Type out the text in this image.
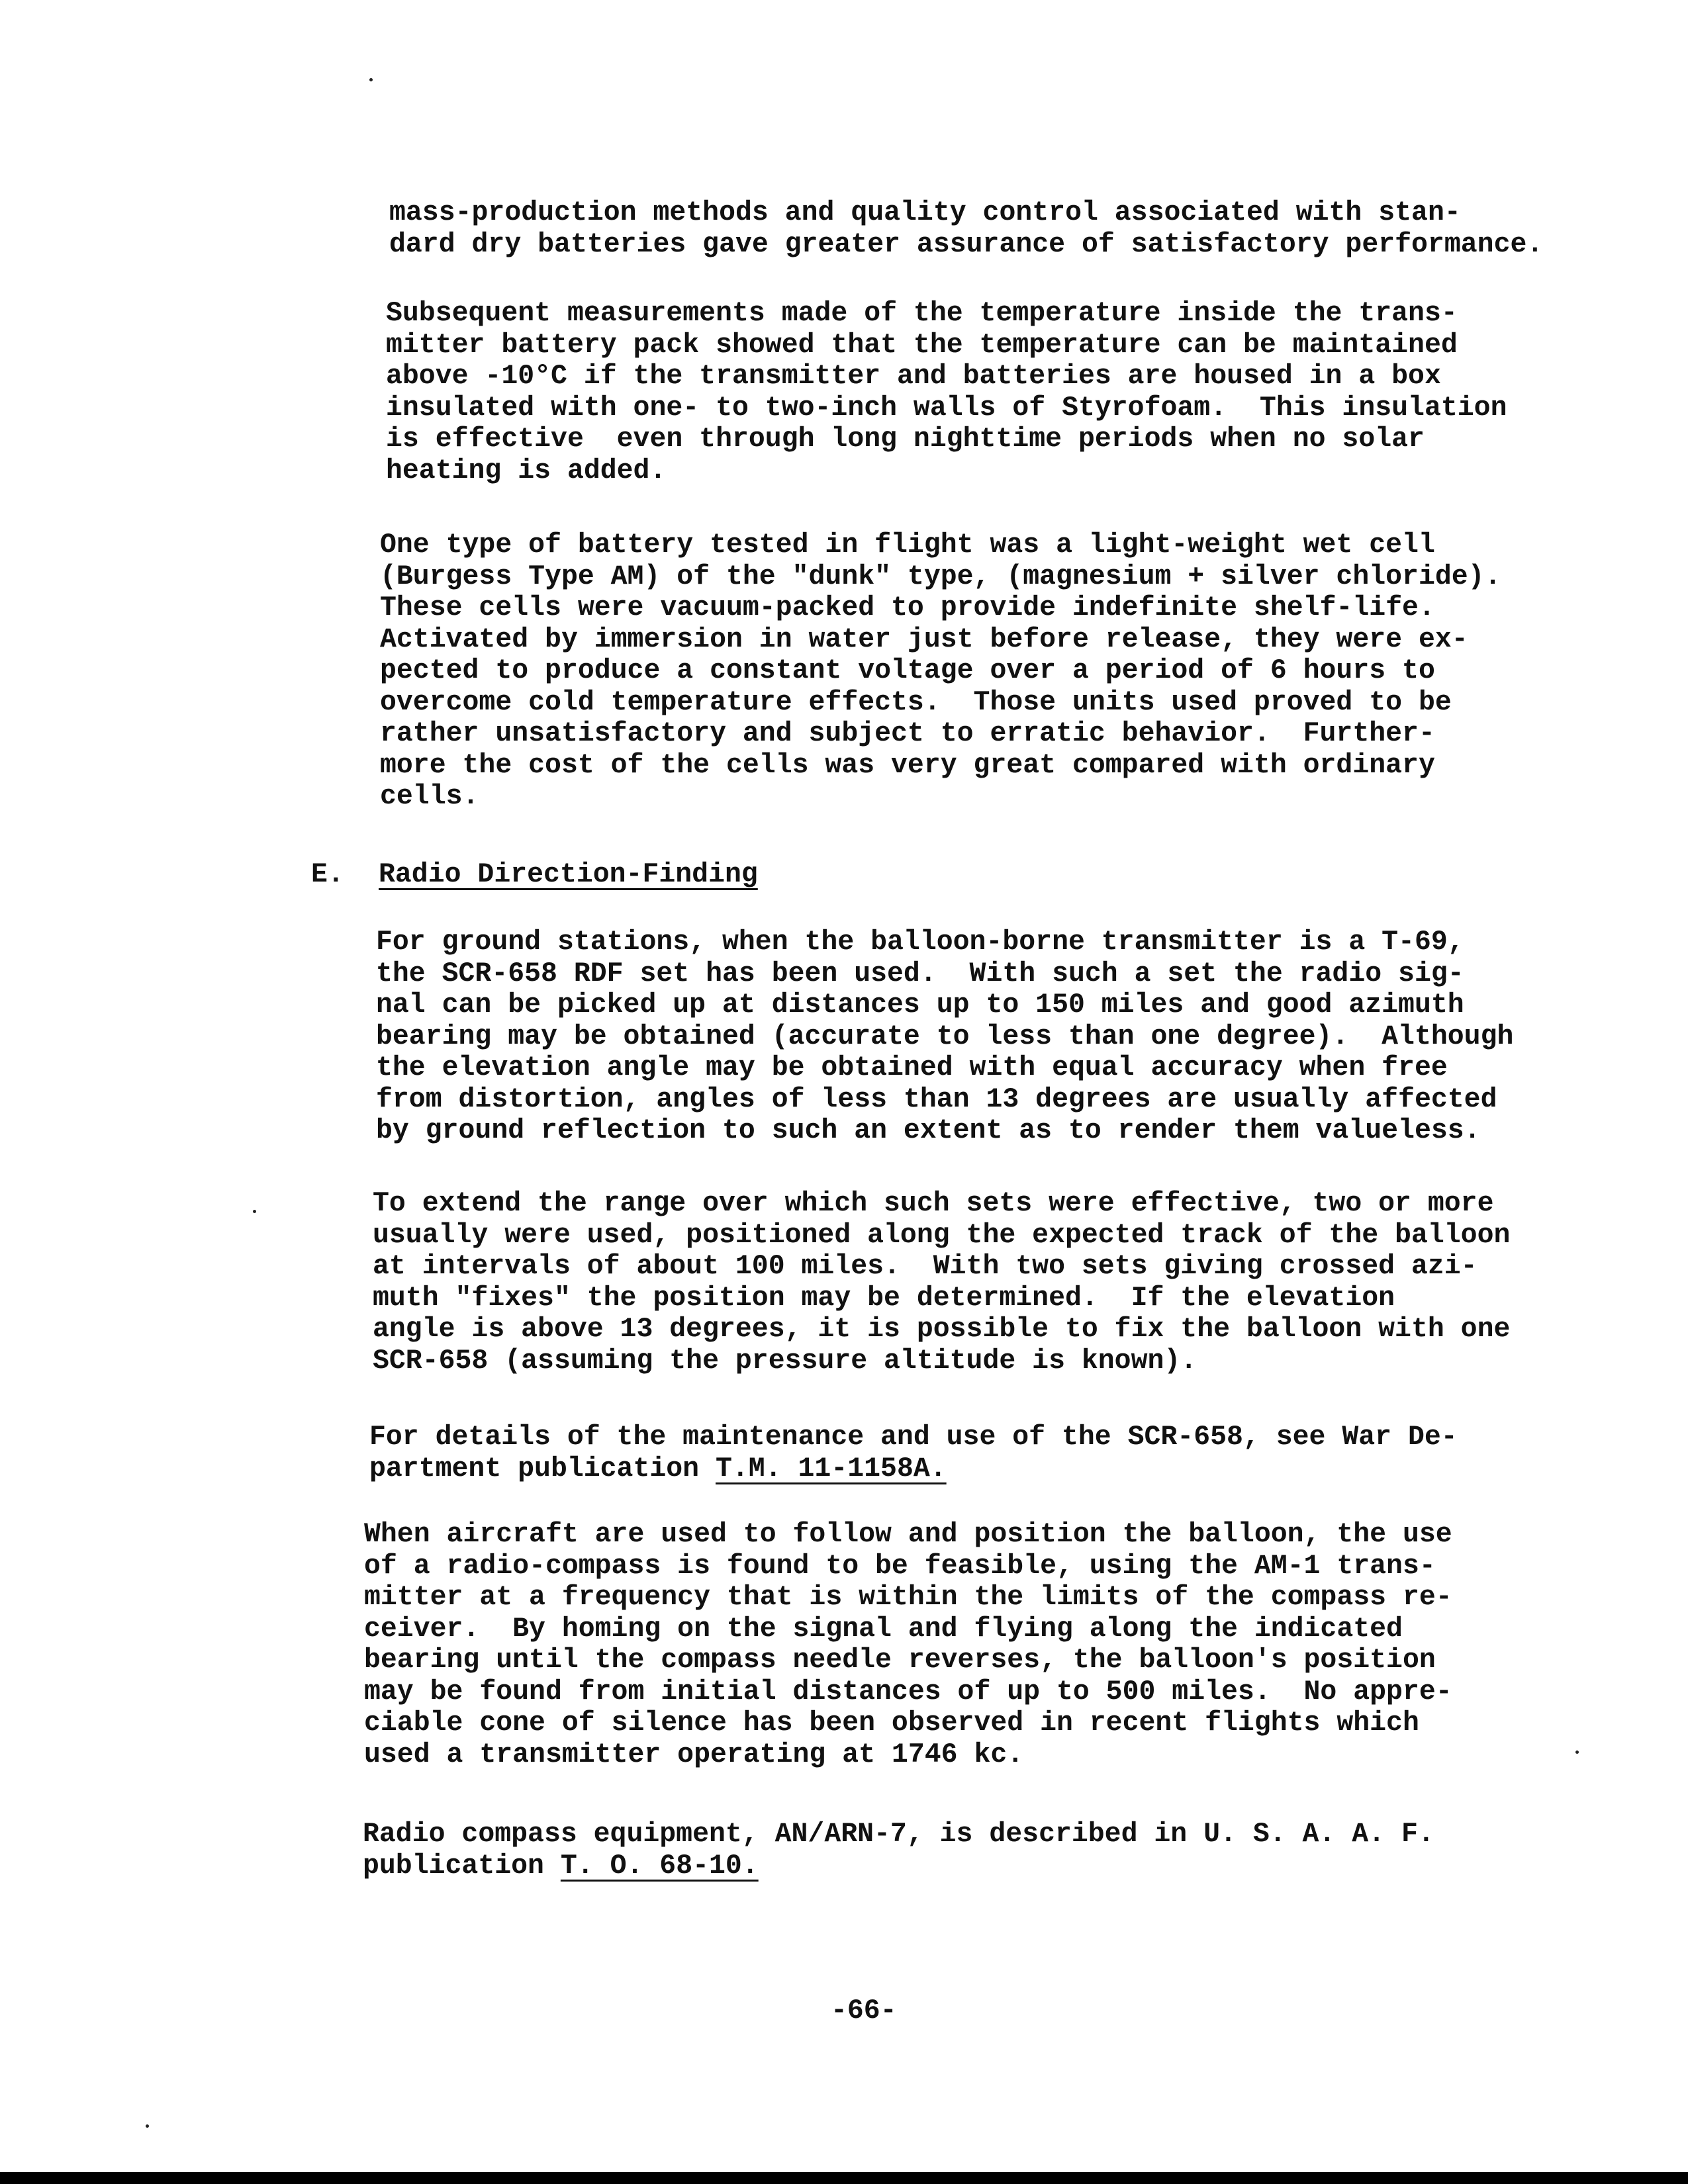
mass-production methods and quality control associated with stan-
dard dry batteries gave greater assurance of satisfactory performance.

Subsequent measurements made of the temperature inside the trans-
mitter battery pack showed that the temperature can be maintained
above -10°C if the transmitter and batteries are housed in a box
insulated with one- to two-inch walls of Styrofoam.  This insulation
is effective  even through long nighttime periods when no solar
heating is added.

One type of battery tested in flight was a light-weight wet cell
(Burgess Type AM) of the "dunk" type, (magnesium + silver chloride).
These cells were vacuum-packed to provide indefinite shelf-life.
Activated by immersion in water just before release, they were ex-
pected to produce a constant voltage over a period of 6 hours to
overcome cold temperature effects.  Those units used proved to be
rather unsatisfactory and subject to erratic behavior.  Further-
more the cost of the cells was very great compared with ordinary
cells.

E. Radio Direction-Finding

For ground stations, when the balloon-borne transmitter is a T-69,
the SCR-658 RDF set has been used.  With such a set the radio sig-
nal can be picked up at distances up to 150 miles and good azimuth
bearing may be obtained (accurate to less than one degree).  Although
the elevation angle may be obtained with equal accuracy when free
from distortion, angles of less than 13 degrees are usually affected
by ground reflection to such an extent as to render them valueless.

To extend the range over which such sets were effective, two or more
usually were used, positioned along the expected track of the balloon
at intervals of about 100 miles.  With two sets giving crossed azi-
muth "fixes" the position may be determined.  If the elevation
angle is above 13 degrees, it is possible to fix the balloon with one
SCR-658 (assuming the pressure altitude is known).

For details of the maintenance and use of the SCR-658, see War De-
partment publication T.M. 11-1158A.

When aircraft are used to follow and position the balloon, the use
of a radio-compass is found to be feasible, using the AM-1 trans-
mitter at a frequency that is within the limits of the compass re-
ceiver.  By homing on the signal and flying along the indicated
bearing until the compass needle reverses, the balloon's position
may be found from initial distances of up to 500 miles.  No appre-
ciable cone of silence has been observed in recent flights which
used a transmitter operating at 1746 kc.

Radio compass equipment, AN/ARN-7, is described in U. S. A. A. F.
publication T. O. 68-10.

-66-
